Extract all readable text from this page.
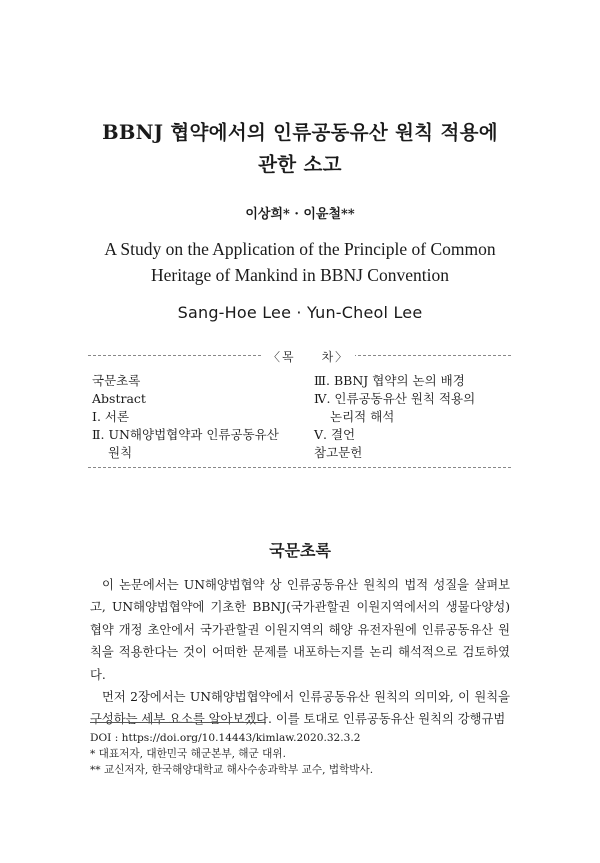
BBNJ 협약에서의 인류공동유산 원칙 적용에
관한 소고
이상희* · 이윤철**
A Study on the Application of the Principle of Common
Heritage of Mankind in BBNJ Convention
Sang-Hoe Lee · Yun-Cheol Lee
〈목 차〉
국문초록
Abstract
Ⅰ. 서론
Ⅱ. UN해양법협약과 인류공동유산
원칙
Ⅲ. BBNJ 협약의 논의 배경
Ⅳ. 인류공동유산 원칙 적용의
논리적 해석
Ⅴ. 결언
참고문헌
국문초록

이 논문에서는 UN해양법협약 상 인류공동유산 원칙의 법적 성질을 살펴보고, UN해양법협약에 기초한 BBNJ(국가관할권 이원지역에서의 생물다양성) 협약 개정 초안에서 국가관할권 이원지역의 해양 유전자원에 인류공동유산 원칙을 적용한다는 것이 어떠한 문제를 내포하는지를 논리 해석적으로 검토하였다.

먼저 2장에서는 UN해양법협약에서 인류공동유산 원칙의 의미와, 이 원칙을 구성하는 세부 요소를 알아보겠다. 이를 토대로 인류공동유산 원칙의 강행규범

DOI : https://doi.org/10.14443/kimlaw.2020.32.3.2
* 대표저자, 대한민국 해군본부, 해군 대위.
** 교신저자, 한국해양대학교 해사수송과학부 교수, 법학박사.
